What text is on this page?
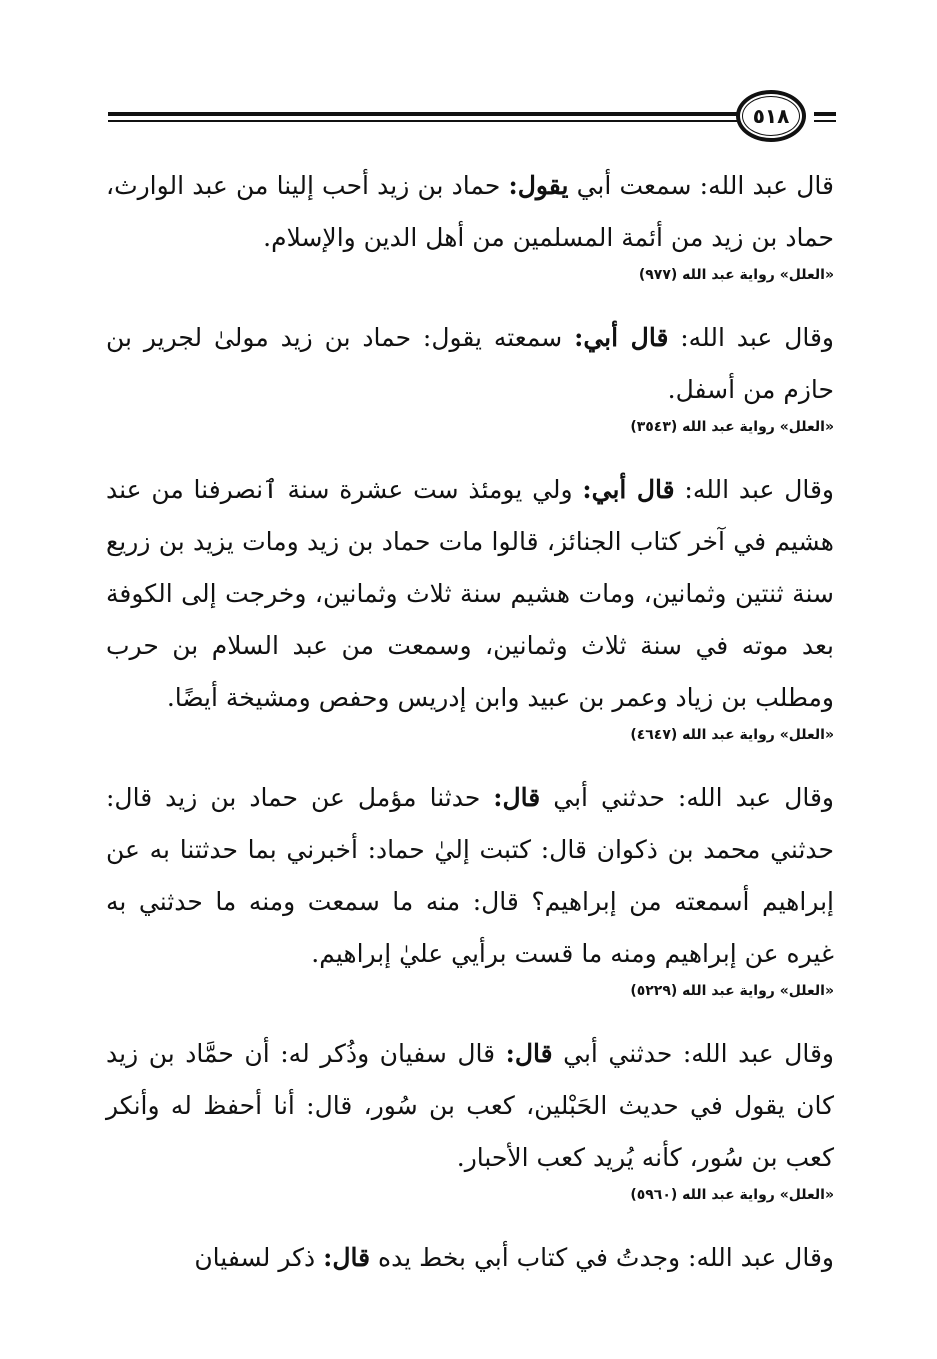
٥١٨

قال عبد الله: سمعت أبي يقول: حماد بن زيد أحب إلينا من عبد الوارث، حماد بن زيد من أئمة المسلمين من أهل الدين والإسلام.

«العلل» رواية عبد الله (٩٧٧)

وقال عبد الله: قال أبي: سمعته يقول: حماد بن زيد مولىٰ لجرير بن حازم من أسفل.

«العلل» رواية عبد الله (٣٥٤٣)

وقال عبد الله: قال أبي: ولي يومئذ ست عشرة سنة ٱنصرفنا من عند هشيم في آخر كتاب الجنائز، قالوا مات حماد بن زيد ومات يزيد بن زريع سنة ثنتين وثمانين، ومات هشيم سنة ثلاث وثمانين، وخرجت إلى الكوفة بعد موته في سنة ثلاث وثمانين، وسمعت من عبد السلام بن حرب ومطلب بن زياد وعمر بن عبيد وابن إدريس وحفص ومشيخة أيضًا.

«العلل» رواية عبد الله (٤٦٤٧)

وقال عبد الله: حدثني أبي قال: حدثنا مؤمل عن حماد بن زيد قال: حدثني محمد بن ذكوان قال: كتبت إليٰ حماد: أخبرني بما حدثتنا به عن إبراهيم أسمعته من إبراهيم؟ قال: منه ما سمعت ومنه ما حدثني به غيره عن إبراهيم ومنه ما قست برأيي عليٰ إبراهيم.

«العلل» رواية عبد الله (٥٢٢٩)

وقال عبد الله: حدثني أبي قال: قال سفيان وذُكر له: أن حمَّاد بن زيد كان يقول في حديث الحَبْلين، كعب بن سُور، قال: أنا أحفظ له وأنكر كعب بن سُور، كأنه يُريد كعب الأحبار.

«العلل» رواية عبد الله (٥٩٦٠)

وقال عبد الله: وجدتُ في كتاب أبي بخط يده قال: ذكر لسفيان
